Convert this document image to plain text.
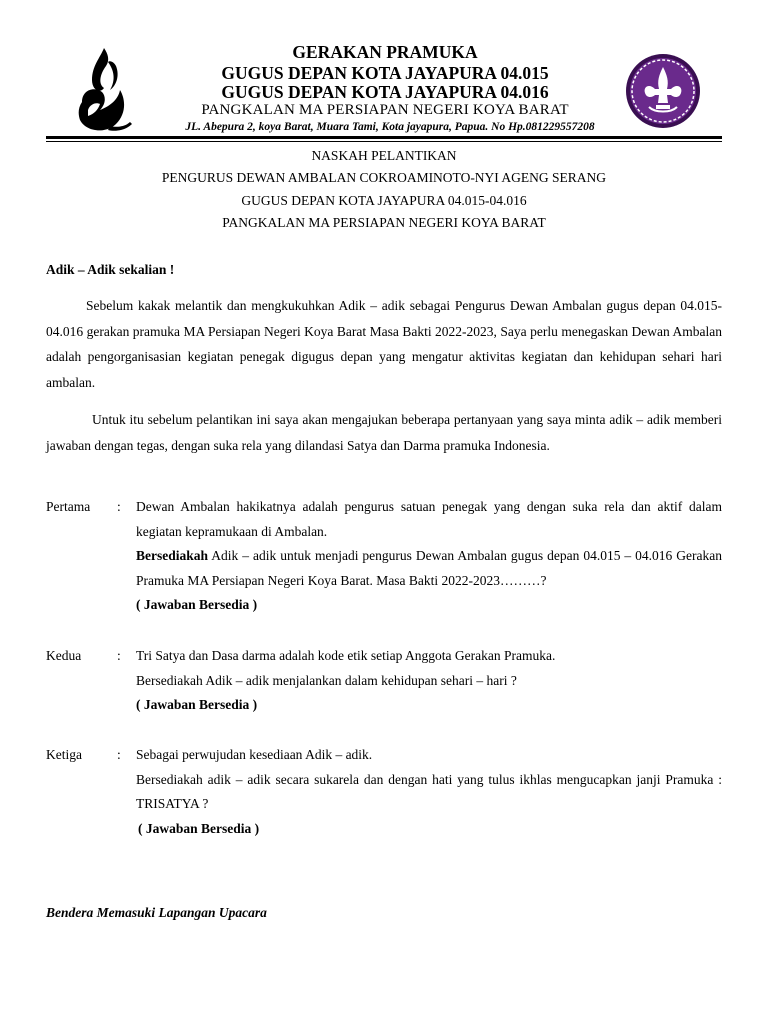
GERAKAN PRAMUKA
GUGUS DEPAN KOTA JAYAPURA 04.015
GUGUS DEPAN KOTA JAYAPURA 04.016
PANGKALAN MA PERSIAPAN NEGERI KOYA BARAT
JL. Abepura 2, koya Barat, Muara Tami, Kota jayapura, Papua. No Hp.081229557208
NASKAH PELANTIKAN
PENGURUS DEWAN AMBALAN COKROAMINOTO-NYI AGENG SERANG
GUGUS DEPAN KOTA JAYAPURA 04.015-04.016
PANGKALAN MA PERSIAPAN NEGERI KOYA BARAT
Adik – Adik sekalian !
Sebelum kakak melantik dan mengkukuhkan Adik – adik sebagai Pengurus Dewan Ambalan gugus depan 04.015-04.016 gerakan pramuka MA Persiapan Negeri Koya Barat Masa Bakti 2022-2023, Saya perlu menegaskan Dewan Ambalan adalah pengorganisasian kegiatan penegak digugus depan yang mengatur aktivitas kegiatan dan kehidupan sehari hari ambalan.
Untuk itu sebelum pelantikan ini saya akan mengajukan beberapa pertanyaan yang saya minta adik – adik memberi jawaban dengan tegas, dengan suka rela yang dilandasi Satya dan Darma pramuka Indonesia.
Pertama : Dewan Ambalan hakikatnya adalah pengurus satuan penegak yang dengan suka rela dan aktif dalam kegiatan kepramukaan di Ambalan.
Bersediakah Adik – adik untuk menjadi pengurus Dewan Ambalan gugus depan 04.015 – 04.016 Gerakan Pramuka MA Persiapan Negeri Koya Barat. Masa Bakti 2022-2023………?
( Jawaban Bersedia )
Kedua	: Tri Satya dan Dasa darma adalah kode etik setiap Anggota Gerakan Pramuka.
Bersediakah Adik – adik menjalankan dalam kehidupan sehari – hari ?
( Jawaban Bersedia )
Ketiga	: Sebagai perwujudan kesediaan Adik – adik.
Bersediakah adik – adik secara sukarela dan dengan hati yang tulus ikhlas mengucapkan janji Pramuka : TRISATYA ?
( Jawaban Bersedia )
Bendera Memasuki Lapangan Upacara
